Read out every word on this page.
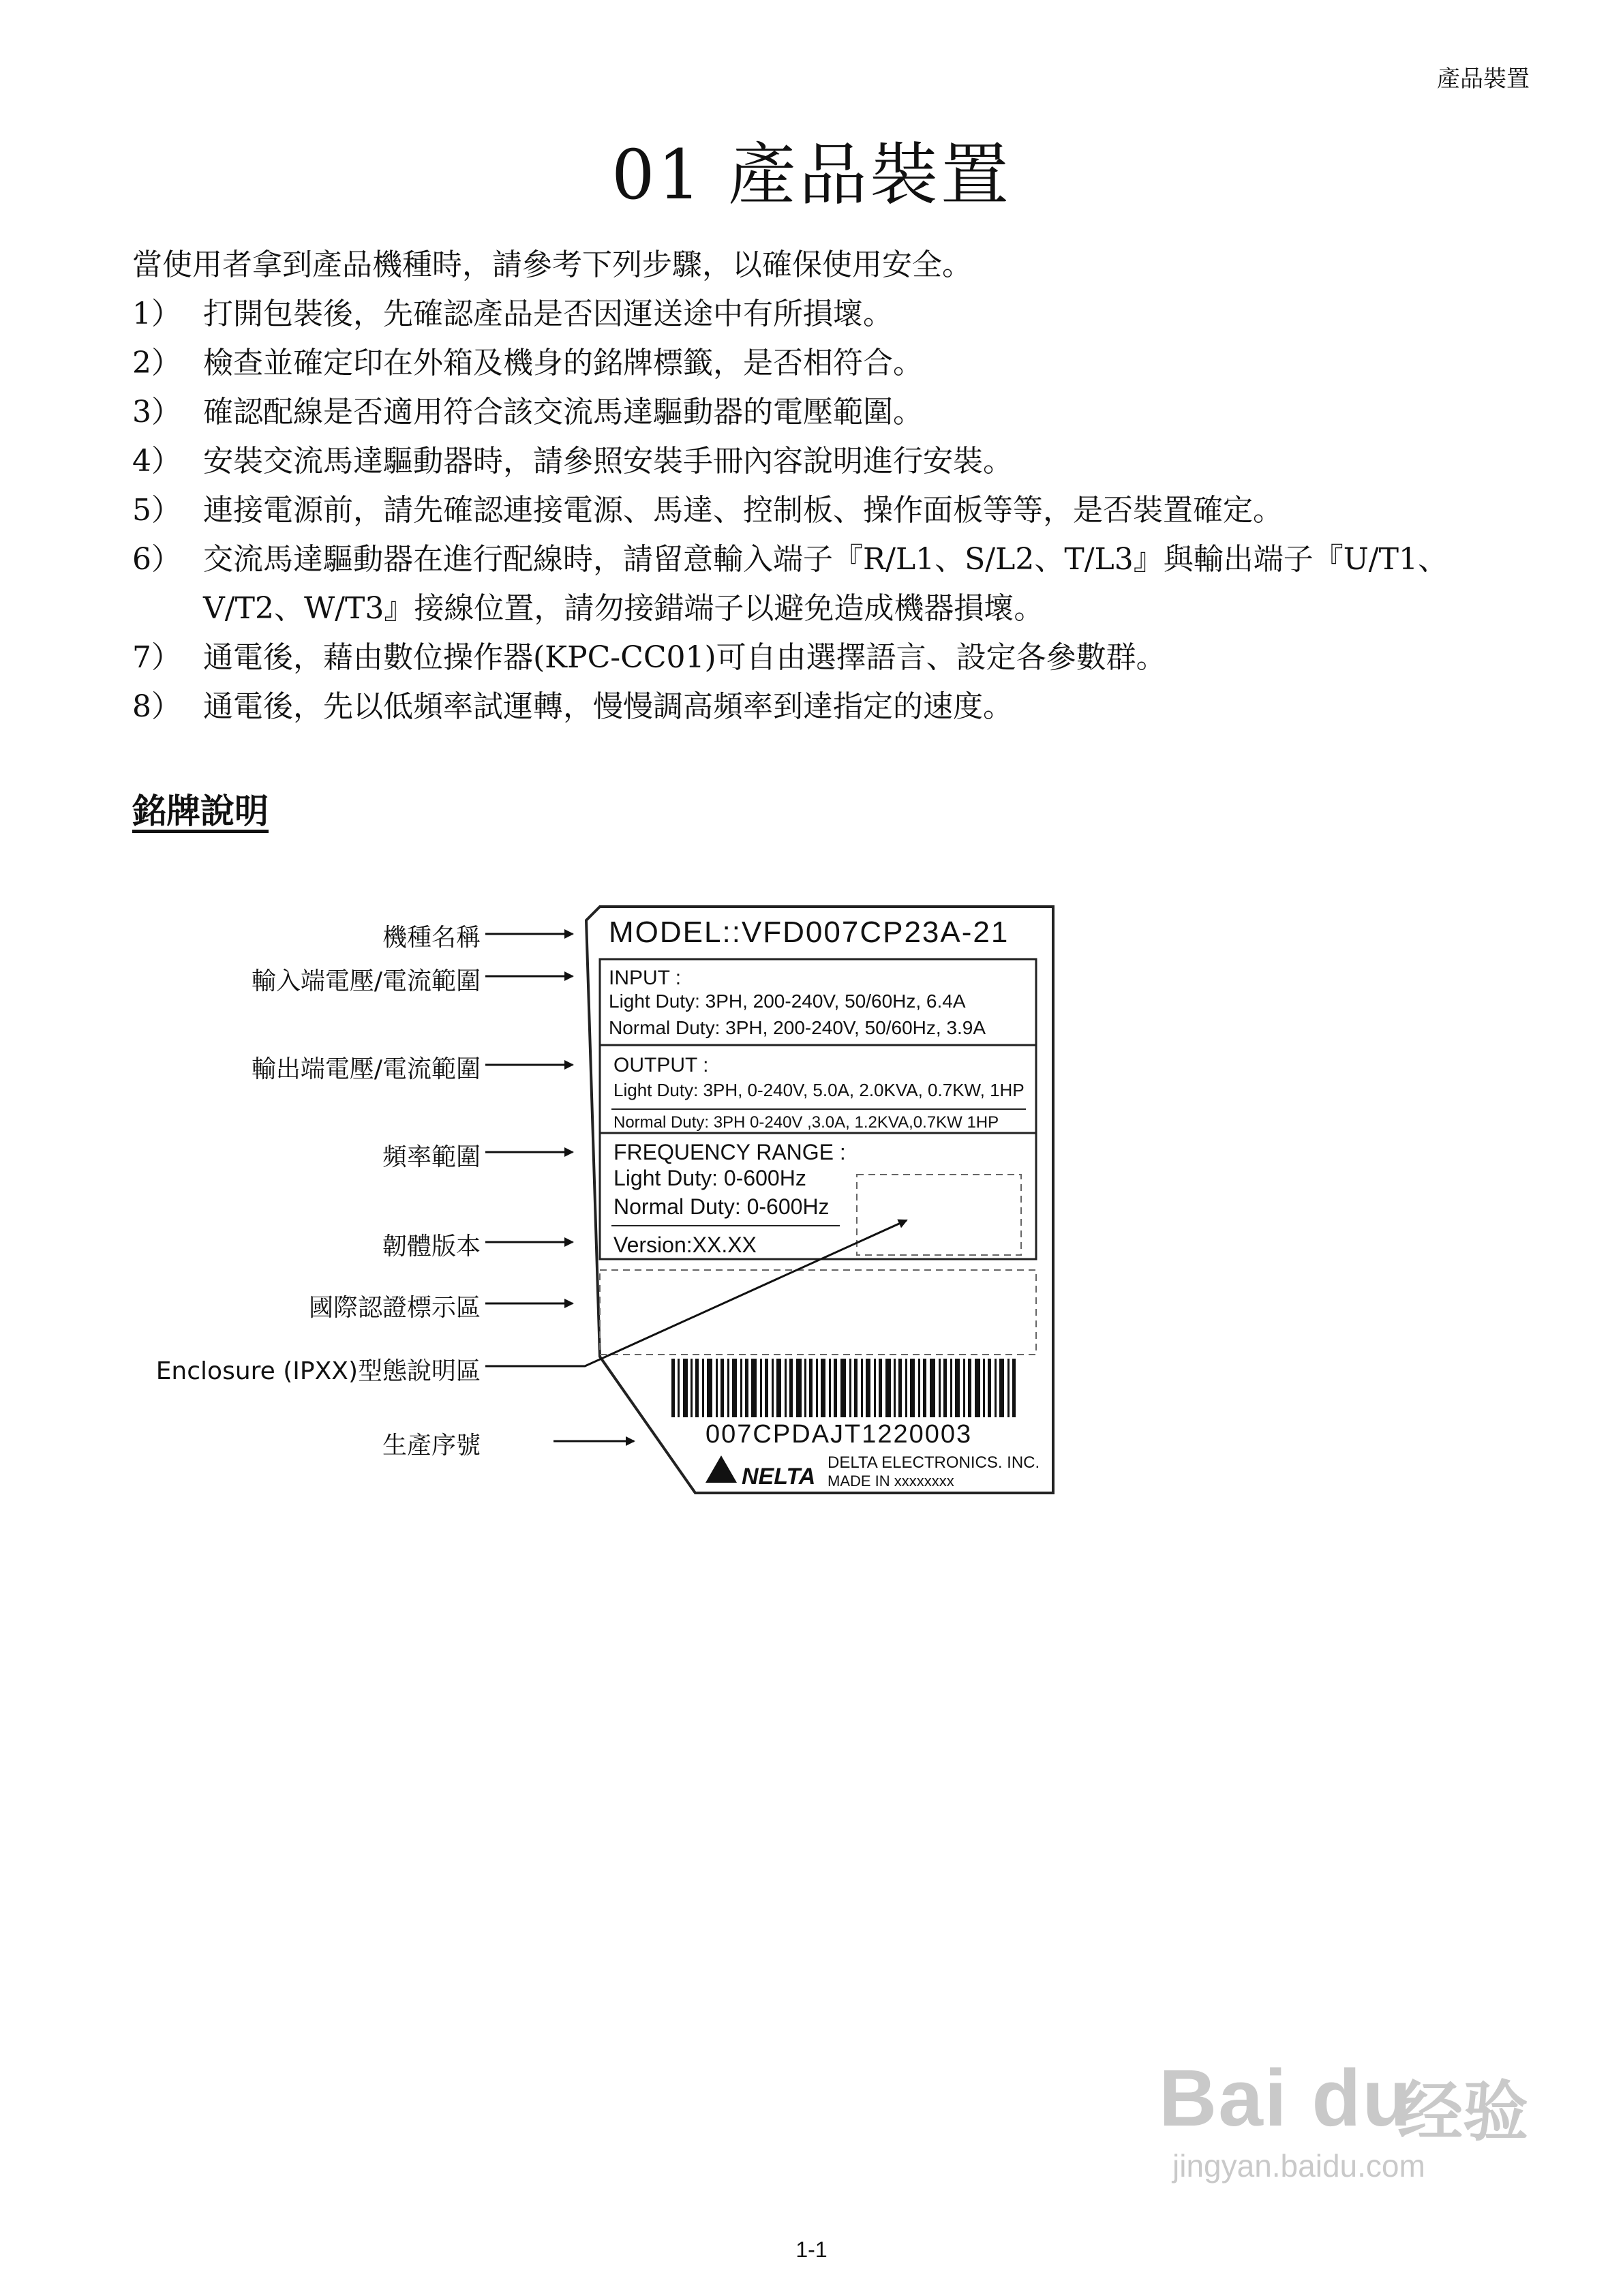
產品裝置
01 產品裝置
當使用者拿到產品機種時，請參考下列步驟，以確保使用安全。
1） 打開包裝後，先確認產品是否因運送途中有所損壞。
2） 檢查並確定印在外箱及機身的銘牌標籤，是否相符合。
3） 確認配線是否適用符合該交流馬達驅動器的電壓範圍。
4） 安裝交流馬達驅動器時，請參照安裝手冊內容說明進行安裝。
5） 連接電源前，請先確認連接電源、馬達、控制板、操作面板等等，是否裝置確定。
6） 交流馬達驅動器在進行配線時，請留意輸入端子『R/L1、S/L2、T/L3』與輸出端子『U/T1、V/T2、W/T3』接線位置，請勿接錯端子以避免造成機器損壞。
7） 通電後，藉由數位操作器(KPC-CC01)可自由選擇語言、設定各參數群。
8） 通電後，先以低頻率試運轉，慢慢調高頻率到達指定的速度。
銘牌說明
機種名稱
輸入端電壓/電流範圍
輸出端電壓/電流範圍
頻率範圍
韌體版本
國際認證標示區
Enclosure (IPXX)型態說明區
生產序號
MODEL::VFD007CP23A-21
INPUT :
Light Duty: 3PH, 200-240V, 50/60Hz, 6.4A
Normal Duty: 3PH, 200-240V, 50/60Hz, 3.9A
OUTPUT :
Light Duty: 3PH, 0-240V, 5.0A, 2.0KVA, 0.7KW, 1HP
Normal Duty: 3PH 0-240V ,3.0A, 1.2KVA,0.7KW 1HP
FREQUENCY RANGE :
Light Duty: 0-600Hz
Normal Duty: 0-600Hz
Version:XX.XX
007CPDAJT1220003
NELTA
DELTA ELECTRONICS. INC.
MADE IN xxxxxxxx
Bai du
经验
jingyan.baidu.com
1-1
